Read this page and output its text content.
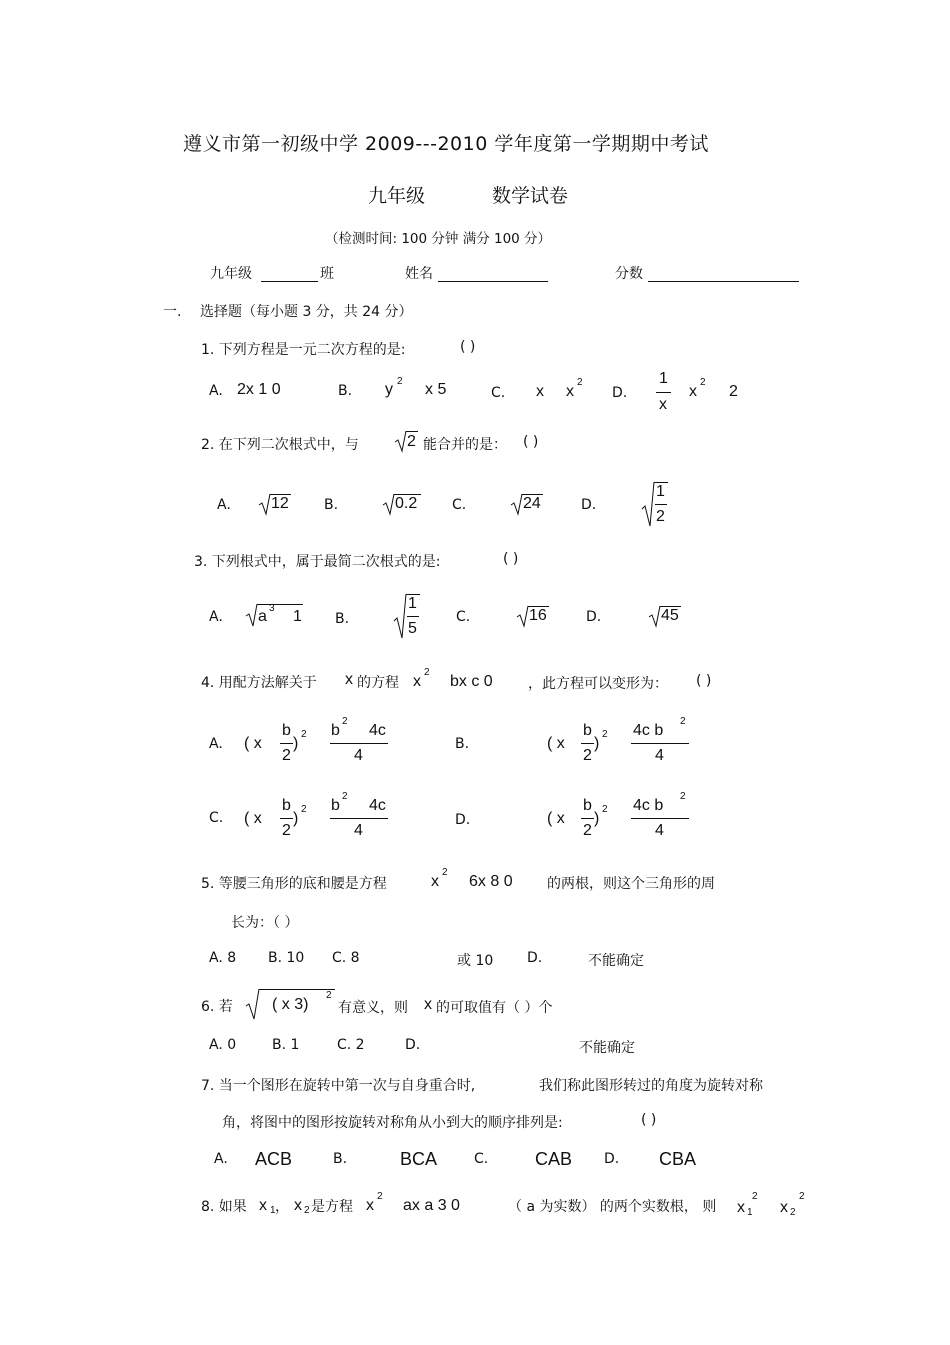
遵义市第一初级中学 2009---2010 学年度第一学期期中考试
九年级	数学试卷
（检测时间: 100 分钟 满分 100 分）
九年级	班	姓名	分数
一. 选择题（每小题 3 分，共 24 分）
1. 下列方程是一元二次方程的是:	( )
A. 2x 1 0	B. y 2 x 5	C. x x
2
D.
1
x
x
2
2
2. 在下列二次根式中，与	2 能合并的是： ( )
A.	12	B.	0.2 C.	24	D.
1
2
3. 下列根式中，属于最简二次根式的是:	( )
A. a 3 1 B.
1
5
C.	16	D.	45
4. 用配方法解关于 x 的方程 x
2
bx c 0	，此方程可以变形为： ( )
A. ( x
b
2
)
2 b
2
4c
4
B.	( x
b
2
)
2 4c b
2
4
C. ( x
b
2
)
2 b
2
4c
4
D.	( x
b
2
)
2 4c b
2
4
5. 等腰三角形的底和腰是方程	x
2
6x 8 0 的两根，则这个三角形的周
长为：（ ）
A. 8 B. 10 C. 8	或 10 D.	不能确定
6. 若 ( x 3)
2
有意义，则 x 的可取值有（ ）个
A. 0	B. 1	C. 2	D.	不能确定
7. 当一个图形在旋转中第一次与自身重合时,	我们称此图形转过的角度为旋转对称
角，将图中的图形按旋转对称角从小到大的顺序排列是:	( )
A. ACB	B.	BCA	C.	CAB D. CBA
8. 如果 x 1 ， x 2 是方程 x
2
ax a 3 0	（ a 为实数） 的两个实数根， 则 x 1
2
x 2
2
